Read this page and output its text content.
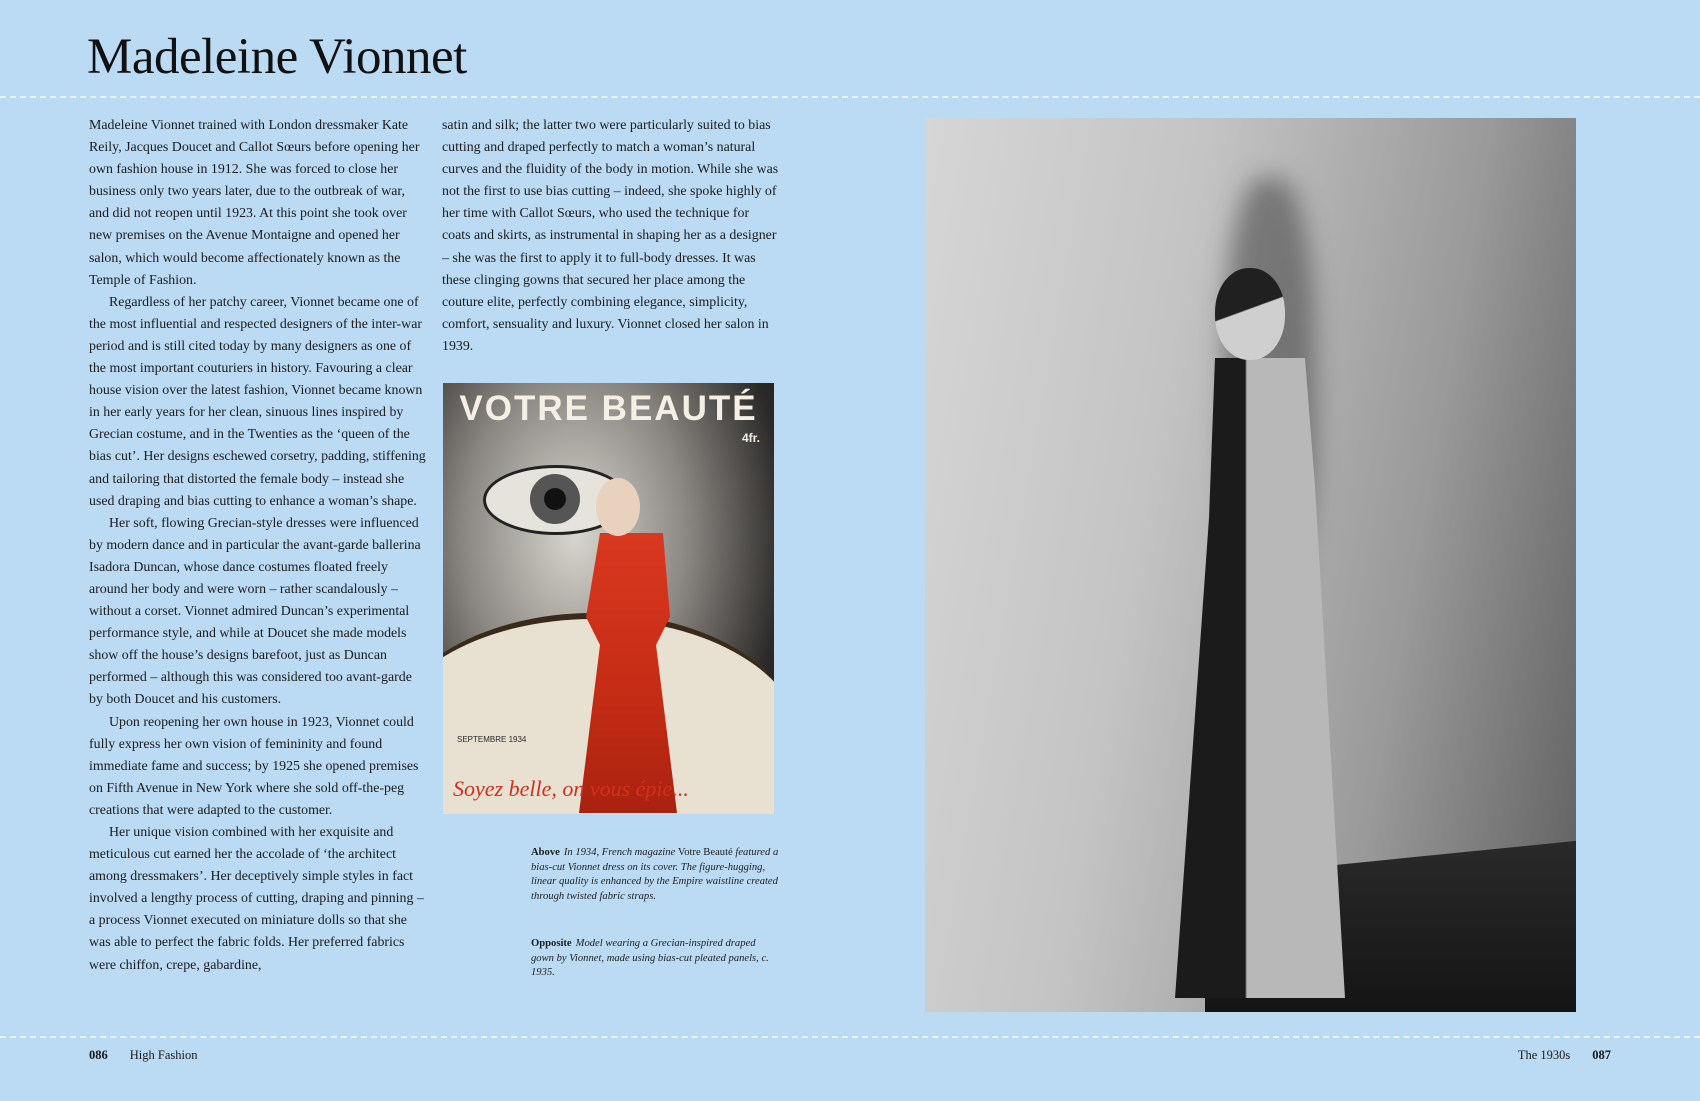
Madeleine Vionnet

Madeleine Vionnet trained with London dressmaker Kate Reily, Jacques Doucet and Callot Sœurs before opening her own fashion house in 1912. She was forced to close her business only two years later, due to the outbreak of war, and did not reopen until 1923. At this point she took over new premises on the Avenue Montaigne and opened her salon, which would become affectionately known as the Temple of Fashion.

Regardless of her patchy career, Vionnet became one of the most influential and respected designers of the inter-war period and is still cited today by many designers as one of the most important couturiers in history. Favouring a clear house vision over the latest fashion, Vionnet became known in her early years for her clean, sinuous lines inspired by Grecian costume, and in the Twenties as the ‘queen of the bias cut’. Her designs eschewed corsetry, padding, stiffening and tailoring that distorted the female body – instead she used draping and bias cutting to enhance a woman’s shape.

Her soft, flowing Grecian-style dresses were influenced by modern dance and in particular the avant-garde ballerina Isadora Duncan, whose dance costumes floated freely around her body and were worn – rather scandalously – without a corset. Vionnet admired Duncan’s experimental performance style, and while at Doucet she made models show off the house’s designs barefoot, just as Duncan performed – although this was considered too avant-garde by both Doucet and his customers.

Upon reopening her own house in 1923, Vionnet could fully express her own vision of femininity and found immediate fame and success; by 1925 she opened premises on Fifth Avenue in New York where she sold off-the-peg creations that were adapted to the customer.

Her unique vision combined with her exquisite and meticulous cut earned her the accolade of ‘the architect among dressmakers’. Her deceptively simple styles in fact involved a lengthy process of cutting, draping and pinning – a process Vionnet executed on miniature dolls so that she was able to perfect the fabric folds. Her preferred fabrics were chiffon, crepe, gabardine,

satin and silk; the latter two were particularly suited to bias cutting and draped perfectly to match a woman’s natural curves and the fluidity of the body in motion. While she was not the first to use bias cutting – indeed, she spoke highly of her time with Callot Sœurs, who used the technique for coats and skirts, as instrumental in shaping her as a designer – she was the first to apply it to full-body dresses. It was these clinging gowns that secured her place among the couture elite, perfectly combining elegance, simplicity, comfort, sensuality and luxury. Vionnet closed her salon in 1939.

VOTRE BEAUTÉ
4fr.
SEPTEMBRE 1934
Soyez belle, on vous épie...
Above In 1934, French magazine Votre Beauté featured a bias-cut Vionnet dress on its cover. The figure-hugging, linear quality is enhanced by the Empire waistline created through twisted fabric straps.
Opposite Model wearing a Grecian-inspired draped gown by Vionnet, made using bias-cut pleated panels, c. 1935.
086 High Fashion	The 1930s 087
